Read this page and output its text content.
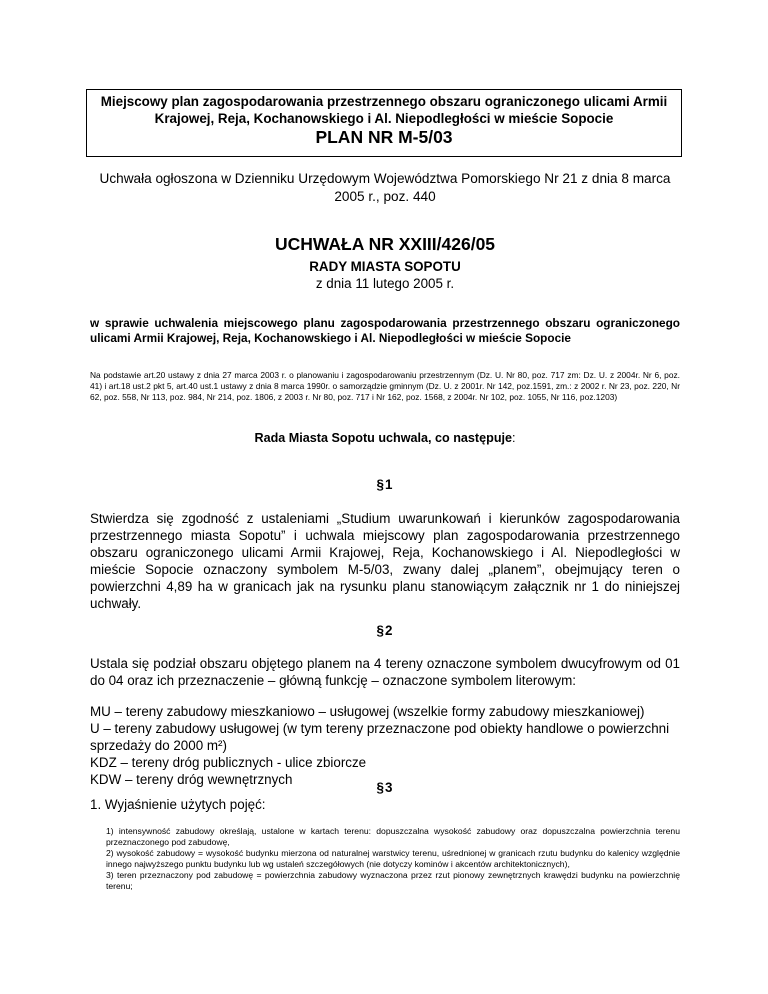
Miejscowy plan zagospodarowania przestrzennego obszaru ograniczonego ulicami Armii Krajowej, Reja, Kochanowskiego i Al. Niepodległości w mieście Sopocie
PLAN NR M-5/03
Uchwała ogłoszona w Dzienniku Urzędowym Województwa Pomorskiego Nr 21 z dnia 8 marca 2005 r., poz. 440
UCHWAŁA NR XXIII/426/05
RADY MIASTA SOPOTU
z dnia 11 lutego 2005 r.
w sprawie uchwalenia miejscowego planu zagospodarowania przestrzennego obszaru ograniczonego ulicami Armii Krajowej, Reja, Kochanowskiego i Al. Niepodległości w mieście Sopocie
Na podstawie art.20 ustawy z dnia 27 marca 2003 r. o planowaniu i zagospodarowaniu przestrzennym (Dz. U. Nr 80, poz. 717 zm: Dz. U. z 2004r. Nr 6, poz. 41) i art.18 ust.2 pkt 5, art.40 ust.1 ustawy z dnia 8 marca 1990r. o samorządzie gminnym (Dz. U. z 2001r. Nr 142, poz.1591, zm.: z 2002 r. Nr 23, poz. 220, Nr 62, poz. 558, Nr 113, poz. 984, Nr 214, poz. 1806, z 2003 r. Nr 80, poz. 717 i Nr 162, poz. 1568, z 2004r. Nr 102, poz. 1055, Nr 116, poz.1203)
Rada Miasta Sopotu uchwala, co następuje:
§1
Stwierdza się zgodność z ustaleniami „Studium uwarunkowań i kierunków zagospodarowania przestrzennego miasta Sopotu” i uchwala miejscowy plan zagospodarowania przestrzennego obszaru ograniczonego ulicami Armii Krajowej, Reja, Kochanowskiego i Al. Niepodległości w mieście Sopocie oznaczony symbolem M-5/03, zwany dalej „planem”, obejmujący teren o powierzchni 4,89 ha w granicach jak na rysunku planu stanowiącym załącznik nr 1 do niniejszej uchwały.
§2
Ustala się podział obszaru objętego planem na 4 tereny oznaczone symbolem dwucyfrowym od 01 do 04 oraz ich przeznaczenie – główną funkcję – oznaczone symbolem literowym:
MU – tereny zabudowy mieszkaniowo – usługowej (wszelkie formy zabudowy mieszkaniowej)
U – tereny zabudowy usługowej (w tym tereny przeznaczone pod obiekty handlowe o powierzchni sprzedaży do 2000 m²)
KDZ – tereny dróg publicznych - ulice zbiorcze
KDW – tereny dróg wewnętrznych
§3
1. Wyjaśnienie użytych pojęć:
1) intensywność zabudowy określają, ustalone w kartach terenu: dopuszczalna wysokość zabudowy oraz dopuszczalna powierzchnia terenu przeznaczonego pod zabudowę,
2) wysokość zabudowy = wysokość budynku mierzona od naturalnej warstwicy terenu, uśrednionej w granicach rzutu budynku do kalenicy względnie innego najwyższego punktu budynku lub wg ustaleń szczegółowych (nie dotyczy kominów i akcentów architektonicznych),
3) teren przeznaczony pod zabudowę = powierzchnia zabudowy wyznaczona przez rzut pionowy zewnętrznych krawędzi budynku na powierzchnię terenu;
